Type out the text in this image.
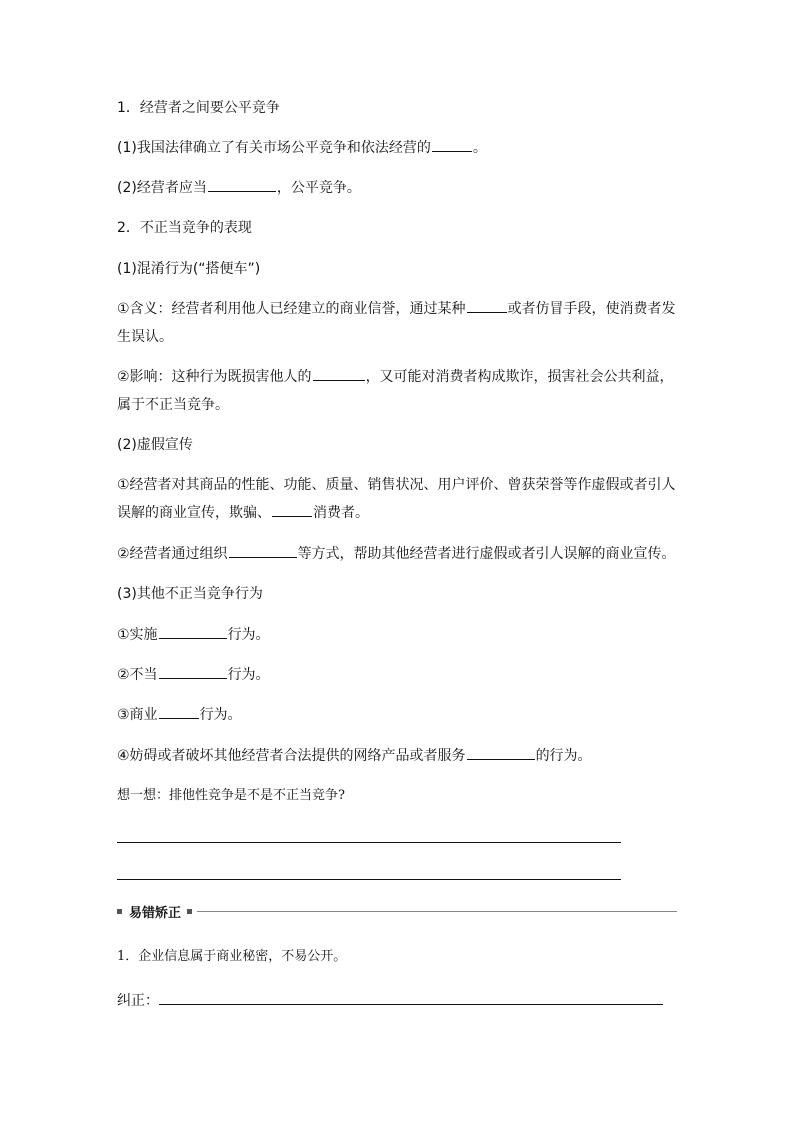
1．经营者之间要公平竞争
(1)我国法律确立了有关市场公平竞争和依法经营的	。
(2)经营者应当	，公平竞争。
2．不正当竞争的表现
(1)混淆行为(“搭便车”)
①含义：经营者利用他人已经建立的商业信誉，通过某种	或者仿冒手段，使消费者发
生误认。
②影响：这种行为既损害他人的	，又可能对消费者构成欺诈，损害社会公共利益，
属于不正当竞争。
(2)虚假宣传
①经营者对其商品的性能、功能、质量、销售状况、用户评价、曾获荣誉等作虚假或者引人
误解的商业宣传，欺骗、	消费者。
②经营者通过组织	等方式，帮助其他经营者进行虚假或者引人误解的商业宣传。
(3)其他不正当竞争行为
①实施	行为。
②不当	行为。
③商业	行为。
④妨碍或者破坏其他经营者合法提供的网络产品或者服务	的行为。
想一想：排他性竞争是不是不正当竞争?
易错矫正
1．企业信息属于商业秘密，不易公开。
纠正：
